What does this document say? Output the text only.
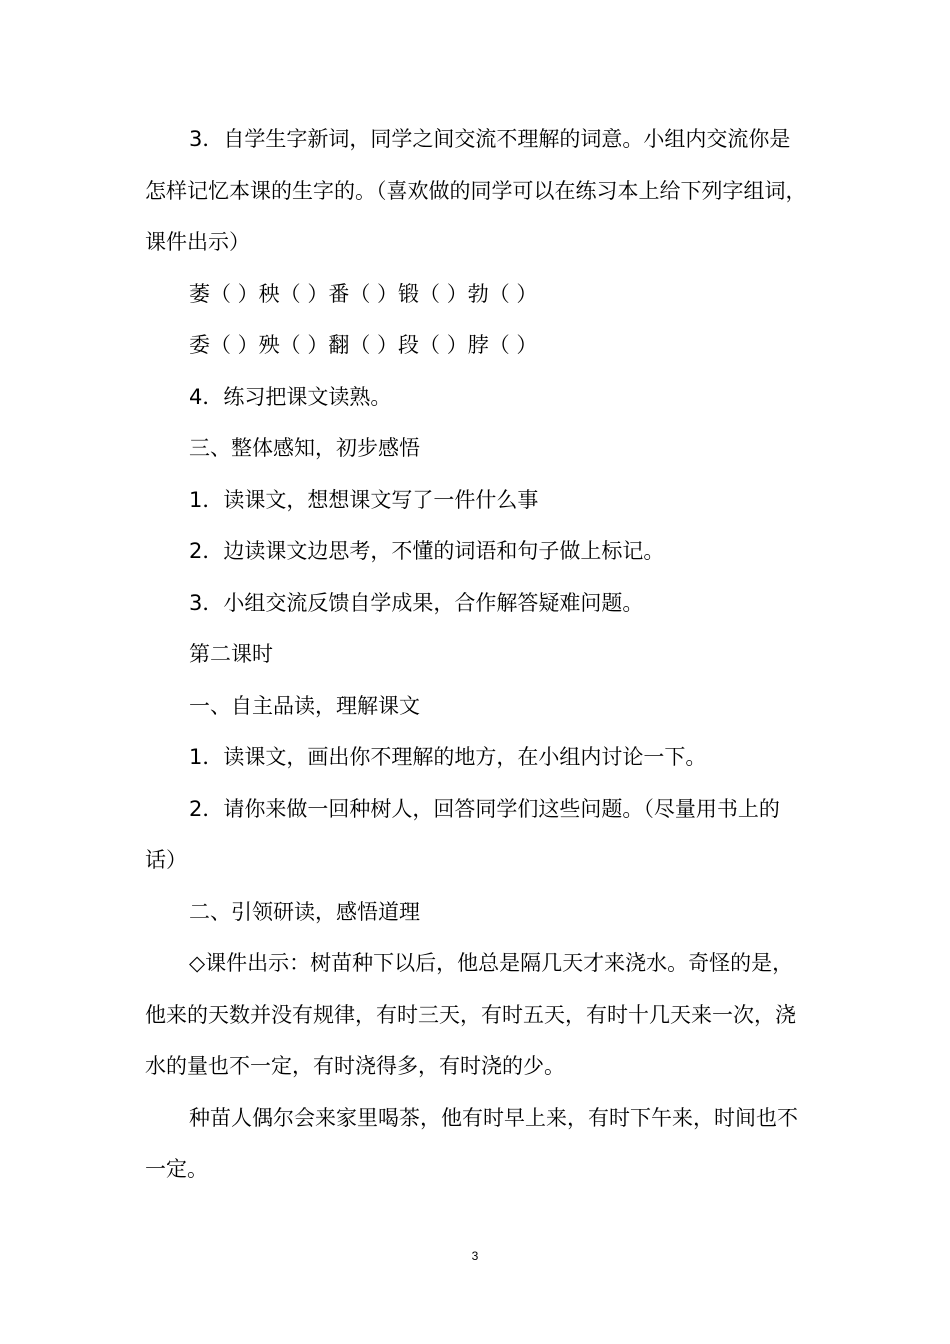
3．自学生字新词，同学之间交流不理解的词意。小组内交流你是怎样记忆本课的生字的。（喜欢做的同学可以在练习本上给下列字组词，课件出示）

萎（ ）秧（ ）番（ ）锻（ ）勃（ ）

委（ ）殃（ ）翻（ ）段（ ）脖（ ）

4．练习把课文读熟。

三、整体感知，初步感悟

1．读课文，想想课文写了一件什么事

2．边读课文边思考，不懂的词语和句子做上标记。

3．小组交流反馈自学成果，合作解答疑难问题。

第二课时

一、自主品读，理解课文

1．读课文，画出你不理解的地方，在小组内讨论一下。

2．请你来做一回种树人，回答同学们这些问题。（尽量用书上的话）

二、引领研读，感悟道理

◇课件出示：树苗种下以后，他总是隔几天才来浇水。奇怪的是，他来的天数并没有规律，有时三天，有时五天，有时十几天来一次，浇水的量也不一定，有时浇得多，有时浇的少。

种苗人偶尔会来家里喝茶，他有时早上来，有时下午来，时间也不一定。

3
